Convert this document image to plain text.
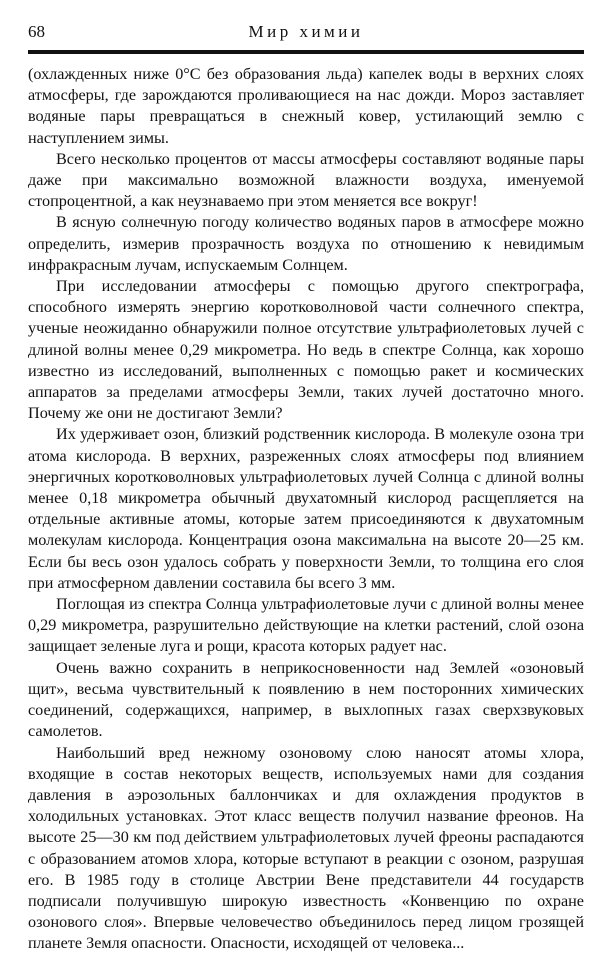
68	Мир химии

(охлажденных ниже 0°С без образования льда) капелек воды в верхних слоях атмосферы, где зарождаются проливающиеся на нас дожди. Мороз заставляет водяные пары превращаться в снежный ковер, устилающий землю с наступлением зимы.

Всего несколько процентов от массы атмосферы составляют водяные пары даже при максимально возможной влажности воздуха, именуемой стопроцентной, а как неузнаваемо при этом меняется все вокруг!

В ясную солнечную погоду количество водяных паров в атмосфере можно определить, измерив прозрачность воздуха по отношению к невидимым инфракрасным лучам, испускаемым Солнцем.

При исследовании атмосферы с помощью другого спектрографа, способного измерять энергию коротковолновой части солнечного спектра, ученые неожиданно обнаружили полное отсутствие ультрафиолетовых лучей с длиной волны менее 0,29 микрометра. Но ведь в спектре Солнца, как хорошо известно из исследований, выполненных с помощью ракет и космических аппаратов за пределами атмосферы Земли, таких лучей достаточно много. Почему же они не достигают Земли?

Их удерживает озон, близкий родственник кислорода. В молекуле озона три атома кислорода. В верхних, разреженных слоях атмосферы под влиянием энергичных коротковолновых ультрафиолетовых лучей Солнца с длиной волны менее 0,18 микрометра обычный двухатомный кислород расщепляется на отдельные активные атомы, которые затем присоединяются к двухатомным молекулам кислорода. Концентрация озона максимальна на высоте 20—25 км. Если бы весь озон удалось собрать у поверхности Земли, то толщина его слоя при атмосферном давлении составила бы всего 3 мм.

Поглощая из спектра Солнца ультрафиолетовые лучи с длиной волны менее 0,29 микрометра, разрушительно действующие на клетки растений, слой озона защищает зеленые луга и рощи, красота которых радует нас.

Очень важно сохранить в неприкосновенности над Землей «озоновый щит», весьма чувствительный к появлению в нем посторонних химических соединений, содержащихся, например, в выхлопных газах сверхзвуковых самолетов.

Наибольший вред нежному озоновому слою наносят атомы хлора, входящие в состав некоторых веществ, используемых нами для создания давления в аэрозольных баллончиках и для охлаждения продуктов в холодильных установках. Этот класс веществ получил название фреонов. На высоте 25—30 км под действием ультрафиолетовых лучей фреоны распадаются с образованием атомов хлора, которые вступают в реакции с озоном, разрушая его. В 1985 году в столице Австрии Вене представители 44 государств подписали получившую широкую известность «Конвенцию по охране озонового слоя». Впервые человечество объединилось перед лицом грозящей планете Земля опасности. Опасности, исходящей от человека...
